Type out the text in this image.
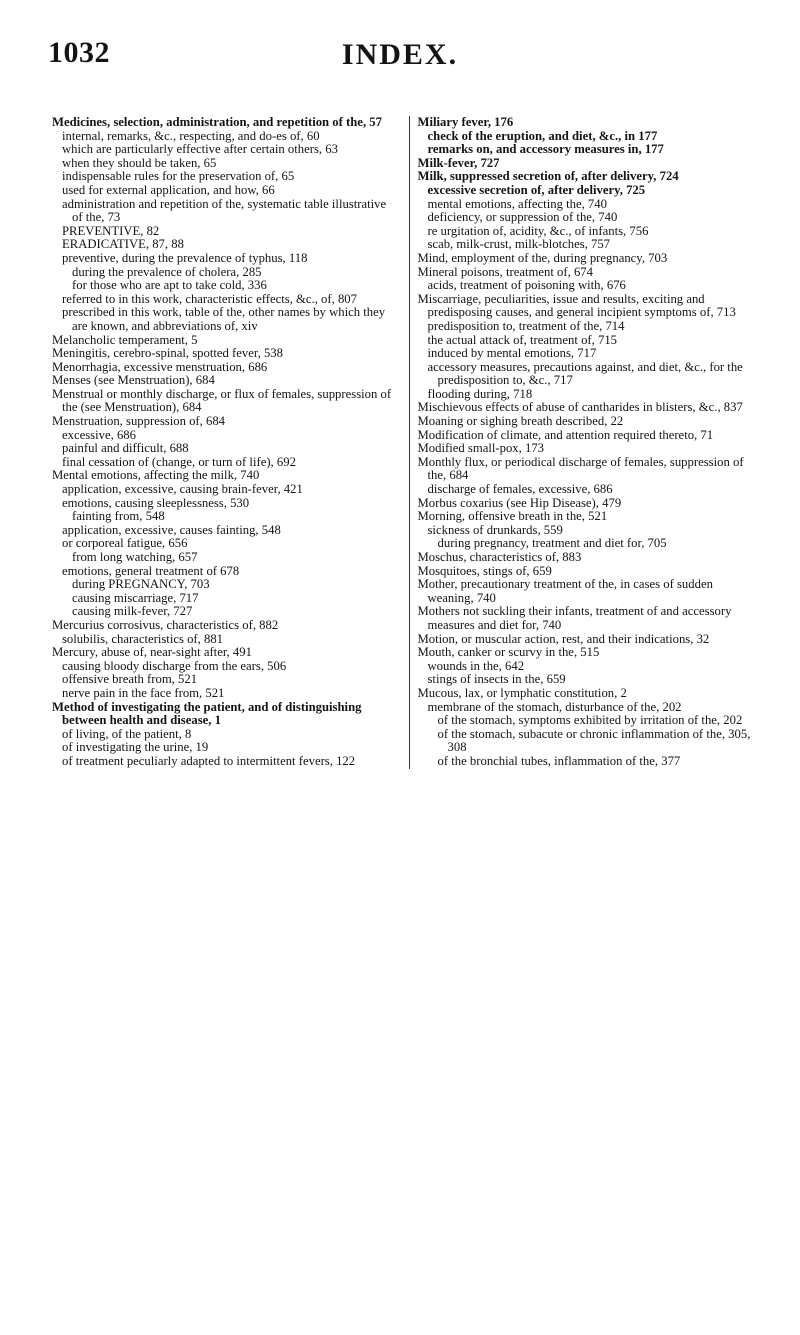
1032	INDEX.

Medicines, selection, administration, and repetition of the, 57

internal, remarks, &c., respecting, and do-es of, 60

which are particularly effective after certain others, 63

when they should be taken, 65

indispensable rules for the preservation of, 65

used for external application, and how, 66

administration and repetition of the, systematic table illustrative of the, 73

PREVENTIVE, 82

ERADICATIVE, 87, 88

preventive, during the prevalence of typhus, 118

during the prevalence of cholera, 285

for those who are apt to take cold, 336

referred to in this work, characteristic effects, &c., of, 807

prescribed in this work, table of the, other names by which they are known, and abbreviations of, xiv

Melancholic temperament, 5

Meningitis, cerebro-spinal, spotted fever, 538

Menorrhagia, excessive menstruation, 686

Menses (see Menstruation), 684

Menstrual or monthly discharge, or flux of females, suppression of the (see Menstruation), 684

Menstruation, suppression of, 684

excessive, 686

painful and difficult, 688

final cessation of (change, or turn of life), 692

Mental emotions, affecting the milk, 740

application, excessive, causing brain-fever, 421

emotions, causing sleeplessness, 530

fainting from, 548

application, excessive, causes fainting, 548

or corporeal fatigue, 656

from long watching, 657

emotions, general treatment of 678

during PREGNANCY, 703

causing miscarriage, 717

causing milk-fever, 727

Mercurius corrosivus, characteristics of, 882

solubilis, characteristics of, 881

Mercury, abuse of, near-sight after, 491

causing bloody discharge from the ears, 506

offensive breath from, 521

nerve pain in the face from, 521

Method of investigating the patient, and of distinguishing between health and disease, 1

of living, of the patient, 8

of investigating the urine, 19

of treatment peculiarly adapted to intermittent fevers, 122

Miliary fever, 176

check of the eruption, and diet, &c., in 177

remarks on, and accessory measures in, 177

Milk-fever, 727

Milk, suppressed secretion of, after delivery, 724

excessive secretion of, after delivery, 725

mental emotions, affecting the, 740

deficiency, or suppression of the, 740

re urgitation of, acidity, &c., of infants, 756

scab, milk-crust, milk-blotches, 757

Mind, employment of the, during pregnancy, 703

Mineral poisons, treatment of, 674

acids, treatment of poisoning with, 676

Miscarriage, peculiarities, issue and results, exciting and predisposing causes, and general incipient symptoms of, 713

predisposition to, treatment of the, 714

the actual attack of, treatment of, 715

induced by mental emotions, 717

accessory measures, precautions against, and diet, &c., for the predisposition to, &c., 717

flooding during, 718

Mischievous effects of abuse of cantharides in blisters, &c., 837

Moaning or sighing breath described, 22

Modification of climate, and attention required thereto, 71

Modified small-pox, 173

Monthly flux, or periodical discharge of females, suppression of the, 684

discharge of females, excessive, 686

Morbus coxarius (see Hip Disease), 479

Morning, offensive breath in the, 521

sickness of drunkards, 559

during pregnancy, treatment and diet for, 705

Moschus, characteristics of, 883

Mosquitoes, stings of, 659

Mother, precautionary treatment of the, in cases of sudden weaning, 740

Mothers not suckling their infants, treatment of and accessory measures and diet for, 740

Motion, or muscular action, rest, and their indications, 32

Mouth, canker or scurvy in the, 515

wounds in the, 642

stings of insects in the, 659

Mucous, lax, or lymphatic constitution, 2

membrane of the stomach, disturbance of the, 202

of the stomach, symptoms exhibited by irritation of the, 202

of the stomach, subacute or chronic inflammation of the, 305, 308

of the bronchial tubes, inflammation of the, 377
